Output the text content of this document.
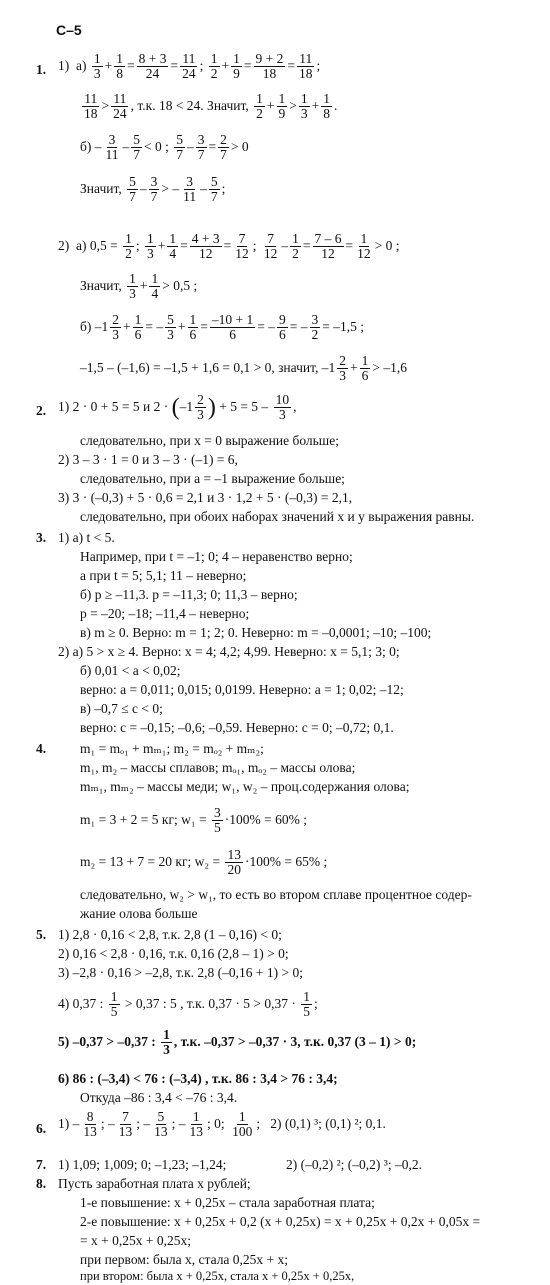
С–5
1. 1)  $а) \frac{1}{3} + \frac{1}{8} = \frac{8 + 3}{24} = \frac{11}{24}$ ; $\frac{1}{2} + \frac{1}{9} = \frac{9 + 2}{18} = \frac{11}{18}$ ;
$\frac{11}{18} > \frac{11}{24}$ , т.к. 18 < 24. Значит, $\frac{1}{2} + \frac{1}{9} > \frac{1}{3} + \frac{1}{8}$ .
$б) - \frac{3}{11} - \frac{5}{7} < 0$ ; $\frac{5}{7} - \frac{3}{7} = \frac{2}{7} > 0$
Значит, $\frac{5}{7} - \frac{3}{7}$ > – $\frac{3}{11} - \frac{5}{7}$ ;
2)  а) $0,5 = \frac{1}{2}$ ; $\frac{1}{3} + \frac{1}{4} = \frac{4 + 3}{12} = \frac{7}{12}$ ; $\frac{7}{12} - \frac{1}{2} = \frac{7 - 6}{12} = \frac{1}{12} > 0$ ;
Значит, $\frac{1}{3} + \frac{1}{4} > 0,5$ ;
б) $-1 \frac{2}{3} + \frac{1}{6}$ = – $\frac{5}{3} + \frac{1}{6} = \frac{-10 + 1}{6}$ = – $\frac{9}{6}$ = – $\frac{3}{2} = -1,5$ ;
–1,5 – (–1,6) = –1,5 + 1,6 = 0,1 > 0, значит, $-1 \frac{2}{3} + \frac{1}{6} > -1,6$
2. 1) 2 · 0 + 5 = 5 и $2 \cdot (-1 \frac{2}{3}$ ) + $5 = 5 - \frac{10}{3}$ ,
следовательно, при x = 0 выражение больше;
2) 3 – 3 · 1 = 0 и 3 – 3 · (–1) = 6,
следовательно, при a = –1 выражение больше;
3) 3 · (–0,3) + 5 · 0,6 = 2,1 и 3 · 1,2 + 5 · (–0,3) = 2,1,
следовательно, при обоих наборах значений x и y выражения равны.
3. 1) а) t < 5.
Например, при t = –1; 0; 4 – неравенство верно;
а при t = 5; 5,1; 11 – неверно;
б) p ≥ –11,3. p = –11,3; 0; 11,3 – верно;
p = –20; –18; –11,4 – неверно;
в) m ≥ 0. Верно: m = 1; 2; 0. Неверно: m = –0,0001; –10; –100;
2) а) 5 > x ≥ 4. Верно: x = 4; 4,2; 4,99. Неверно: x = 5,1; 3; 0;
б) 0,01 < a < 0,02;
верно: a = 0,011; 0,015; 0,0199. Неверно: a = 1; 0,02; –12;
в) –0,7 ≤ c < 0;
верно: c = –0,15; –0,6; –0,59. Неверно: c = 0; –0,72; 0,1.
4.	m₁ = mₒ₁ + mₘ₁; m₂ = mₒ₂ + mₘ₂;
m₁, m₂ – массы сплавов; mₒ₁, mₒ₂ – массы олова;
mₘ₁, mₘ₂ – массы меди; w₁, w₂ – проц.содержания олова;
m₁ = 3 + 2 = 5 кг; $w_1 = \frac{3}{5} \cdot 100\% = 60\%$ ;
m₂ = 13 + 7 = 20 кг; $w_2 = \frac{13}{20} \cdot 100\% = 65\%$ ;
следовательно, w₂ > w₁, то есть во втором сплаве процентное содер-
жание олова больше
5. 1) 2,8 · 0,16 < 2,8, т.к. 2,8 (1 – 0,16) < 0;
2) 0,16 < 2,8 · 0,16, т.к. 0,16 (2,8 – 1) > 0;
3) –2,8 · 0,16 > –2,8, т.к. 2,8 (–0,16 + 1) > 0;
4) 0,37 : $\frac{1}{5} > 0,37$ : 5 , т.к. $0,37 \cdot 5 > 0,37 \cdot \frac{1}{5}$ ;
5) –0,37 > –0,37 : $\frac{1}{3}$ , т.к. –0,37 > –0,37 · 3, т.к. 0,37 (3 – 1) > 0;
6) 86 : (–3,4) < 76 : (–3,4) , т.к. 86 : 3,4 > 76 : 3,4;
Откуда –86 : 3,4 < –76 : 3,4.
6. $1) - \frac{8}{13}$ ; – $\frac{7}{13}$ ; – $\frac{5}{13}$ ; – $\frac{1}{13}$ ; 0; $\frac{1}{100}$ ;   2) (0,1) ³; (0,1) ²; 0,1.
7. 1) 1,09; 1,009; 0; –1,23; –1,24;	2) (–0,2) ²; (–0,2) ³; –0,2.
8. Пусть заработная плата x рублей;
1-е повышение: x + 0,25x – стала заработная плата;
2-е повышение: x + 0,25x + 0,2 (x + 0,25x) = x + 0,25x + 0,2x + 0,05x =
= x + 0,25x + 0,25x;
при первом: была x, стала 0,25x + x;
при втором: была x + 0,25x, стала x + 0,25x + 0,25x,
